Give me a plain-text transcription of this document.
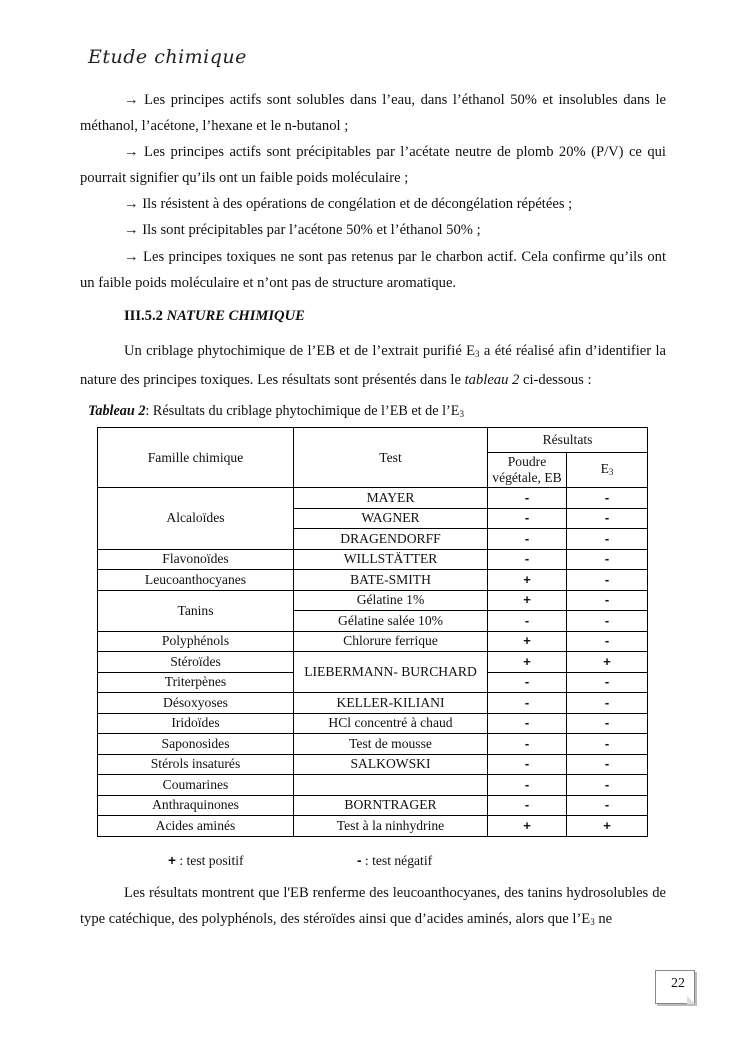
Etude chimique

→ Les principes actifs sont solubles dans l’eau, dans l’éthanol 50% et insolubles dans le méthanol, l’acétone, l’hexane et le n-butanol ;

→ Les principes actifs sont précipitables par l’acétate neutre de plomb 20% (P/V) ce qui pourrait signifier qu’ils ont un faible poids moléculaire ;

→ Ils résistent à des opérations de congélation et de décongélation répétées ;

→ Ils sont précipitables par l’acétone 50% et l’éthanol 50% ;

→ Les principes toxiques ne sont pas retenus par le charbon actif. Cela confirme qu’ils ont un faible poids moléculaire et n’ont pas de structure aromatique.

III.5.2 NATURE CHIMIQUE

Un criblage phytochimique de l’EB et de l’extrait purifié $E_3$ a été réalisé afin d’identifier la nature des principes toxiques. Les résultats sont présentés dans le tableau 2 ci-dessous :

Tableau 2: Résultats du criblage phytochimique de l’EB et de $l’E_3$
Famille chimique	Test	Résultats	
		Poudre végétale, EB	$E_3$
Alcaloïdes	MAYER	-	-
	WAGNER	-	-
	DRAGENDORFF	-	-
Flavonoïdes	WILLSTÄTTER	-	-
Leucoanthocyanes	BATE-SMITH	+	-
Tanins	Gélatine 1%	+	-
	Gélatine salée 10%	-	-
Polyphénols	Chlorure ferrique	+	-
Stéroïdes	LIEBERMANN- BURCHARD	+	+
Triterpènes		-	-
Désoxyoses	KELLER-KILIANI	-	-
Iridoïdes	HCl concentré à chaud	-	-
Saponosides	Test de mousse	-	-
Stérols insaturés	SALKOWSKI	-	-
Coumarines		-	-
Anthraquinones	BORNTRAGER	-	-
Acides aminés	Test à la ninhydrine	+	+
+ : test positif	- : test négatif

Les résultats montrent que l'EB renferme des leucoanthocyanes, des tanins hydrosolubles de type catéchique, des polyphénols, des stéroïdes ainsi que d’acides aminés, alors que $l’E_3$ ne

22
